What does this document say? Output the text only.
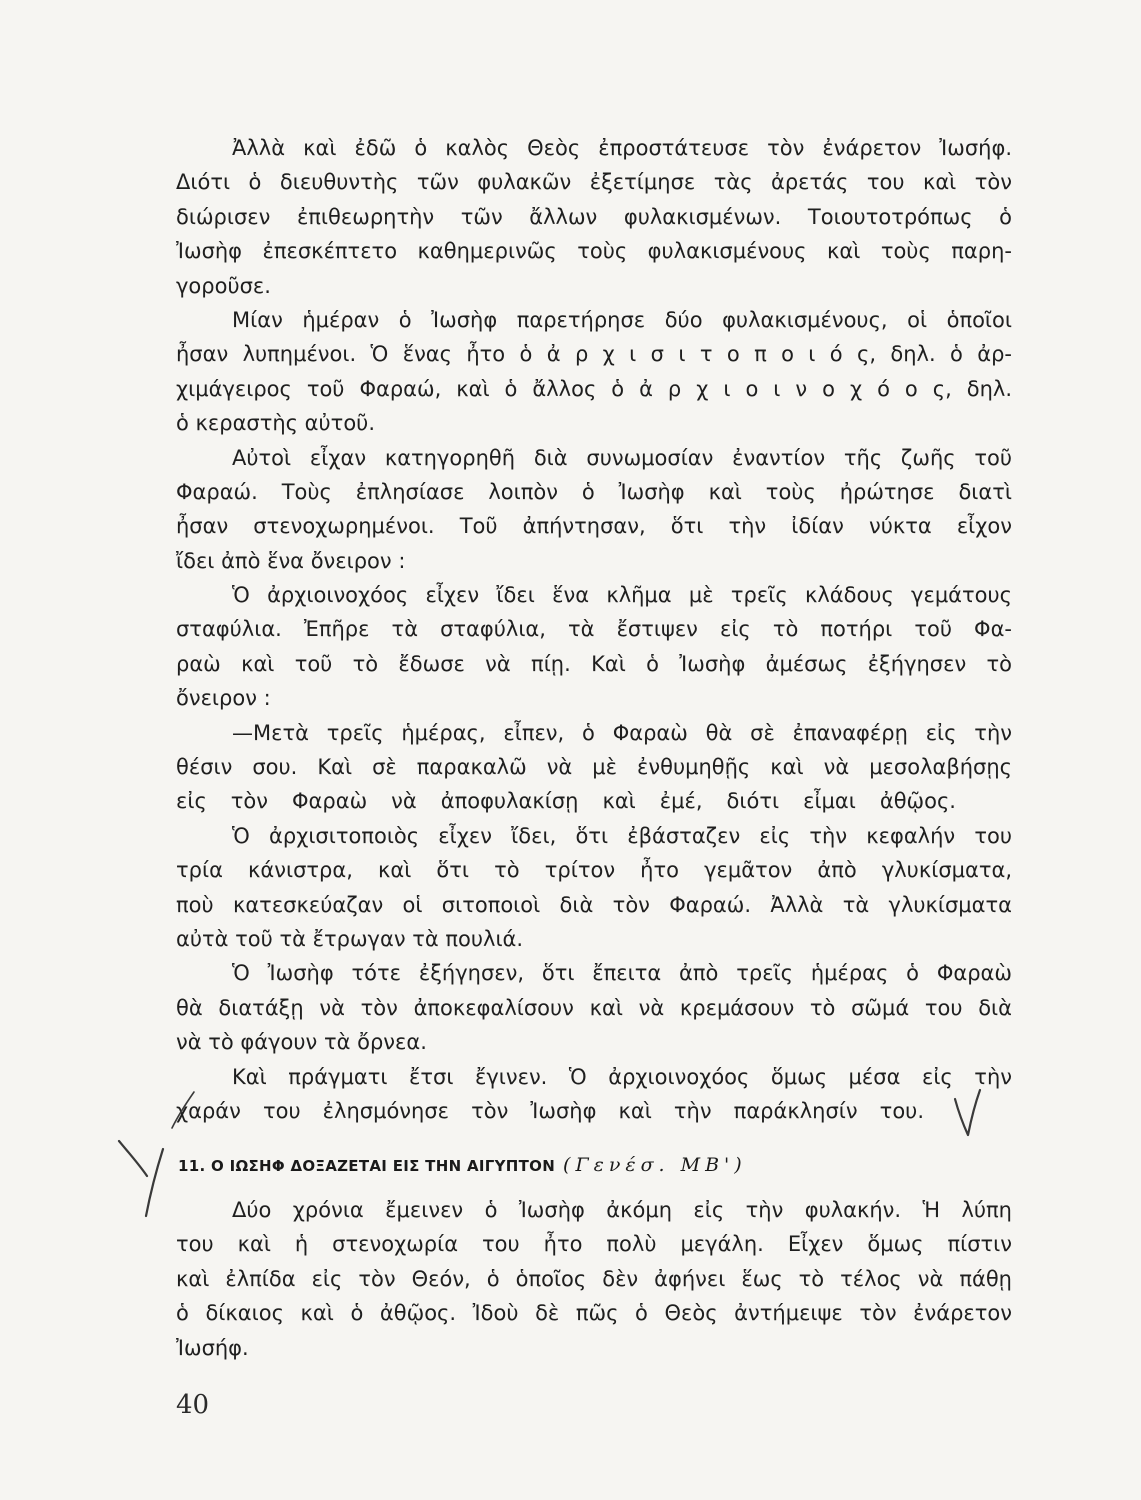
Ἀλλὰ καὶ ἐδῶ ὁ καλὸς Θεὸς ἐπροστάτευσε τὸν ἐνάρετον Ἰωσήφ.
Διότι ὁ διευθυντὴς τῶν φυλακῶν ἐξετίμησε τὰς ἀρετάς του καὶ τὸν
διώρισεν ἐπιθεωρητὴν τῶν ἄλλων φυλακισμένων. Τοιουτοτρόπως ὁ
Ἰωσὴφ ἐπεσκέπτετο καθημερινῶς τοὺς φυλακισμένους καὶ τοὺς παρη-
γοροῦσε.
Μίαν ἡμέραν ὁ Ἰωσὴφ παρετήρησε δύο φυλακισμένους, οἱ ὁποῖοι
ἦσαν λυπημένοι. Ὁ ἕνας ἦτο ὁ ἀ ρ χ ι σ ι τ ο π ο ι ό ς, δηλ. ὁ ἀρ-
χιμάγειρος τοῦ Φαραώ, καὶ ὁ ἄλλος ὁ ἀ ρ χ ι ο ι ν ο χ ό ο ς, δηλ.
ὁ κεραστὴς αὐτοῦ.
Αὐτοὶ εἶχαν κατηγορηθῆ διὰ συνωμοσίαν ἐναντίον τῆς ζωῆς τοῦ
Φαραώ. Τοὺς ἐπλησίασε λοιπὸν ὁ Ἰωσὴφ καὶ τοὺς ἠρώτησε διατὶ
ἦσαν στενοχωρημένοι. Τοῦ ἀπήντησαν, ὅτι τὴν ἰδίαν νύκτα εἶχον
ἴδει ἀπὸ ἕνα ὄνειρον :
Ὁ ἀρχιοινοχόος εἶχεν ἴδει ἕνα κλῆμα μὲ τρεῖς κλάδους γεμάτους
σταφύλια. Ἐπῆρε τὰ σταφύλια, τὰ ἔστιψεν εἰς τὸ ποτήρι τοῦ Φα-
ραὼ καὶ τοῦ τὸ ἔδωσε νὰ πίῃ. Καὶ ὁ Ἰωσὴφ ἀμέσως ἐξήγησεν τὸ
ὄνειρον :
—Μετὰ τρεῖς ἡμέρας, εἶπεν, ὁ Φαραὼ θὰ σὲ ἐπαναφέρῃ εἰς τὴν
θέσιν σου. Καὶ σὲ παρακαλῶ νὰ μὲ ἐνθυμηθῇς καὶ νὰ μεσολαβήσῃς
εἰς τὸν Φαραὼ νὰ ἀποφυλακίσῃ καὶ ἐμέ, διότι εἶμαι ἀθῷος.
Ὁ ἀρχισιτοποιὸς εἶχεν ἴδει, ὅτι ἐβάσταζεν εἰς τὴν κεφαλήν του
τρία κάνιστρα, καὶ ὅτι τὸ τρίτον ἦτο γεμᾶτον ἀπὸ γλυκίσματα,
ποὺ κατεσκεύαζαν οἱ σιτοποιοὶ διὰ τὸν Φαραώ. Ἀλλὰ τὰ γλυκίσματα
αὐτὰ τοῦ τὰ ἔτρωγαν τὰ πουλιά.
Ὁ Ἰωσὴφ τότε ἐξήγησεν, ὅτι ἔπειτα ἀπὸ τρεῖς ἡμέρας ὁ Φαραὼ
θὰ διατάξῃ νὰ τὸν ἀποκεφαλίσουν καὶ νὰ κρεμάσουν τὸ σῶμά του διὰ
νὰ τὸ φάγουν τὰ ὄρνεα.
Καὶ πράγματι ἔτσι ἔγινεν. Ὁ ἀρχιοινοχόος ὅμως μέσα εἰς τὴν
χαράν του ἐλησμόνησε τὸν Ἰωσὴφ καὶ τὴν παράκλησίν του.
11. Ο ΙΩΣΗΦ ΔΟΞΑΖΕΤΑΙ ΕΙΣ ΤΗΝ ΑΙΓΥΠΤΟΝ (Γενέσ. ΜΒ')
Δύο χρόνια ἔμεινεν ὁ Ἰωσὴφ ἀκόμη εἰς τὴν φυλακήν. Ἡ λύπη
του καὶ ἡ στενοχωρία του ἦτο πολὺ μεγάλη. Εἶχεν ὅμως πίστιν
καὶ ἐλπίδα εἰς τὸν Θεόν, ὁ ὁποῖος δὲν ἀφήνει ἕως τὸ τέλος νὰ πάθῃ
ὁ δίκαιος καὶ ὁ ἀθῷος. Ἰδοὺ δὲ πῶς ὁ Θεὸς ἀντήμειψε τὸν ἐνάρετον
Ἰωσήφ.
40
